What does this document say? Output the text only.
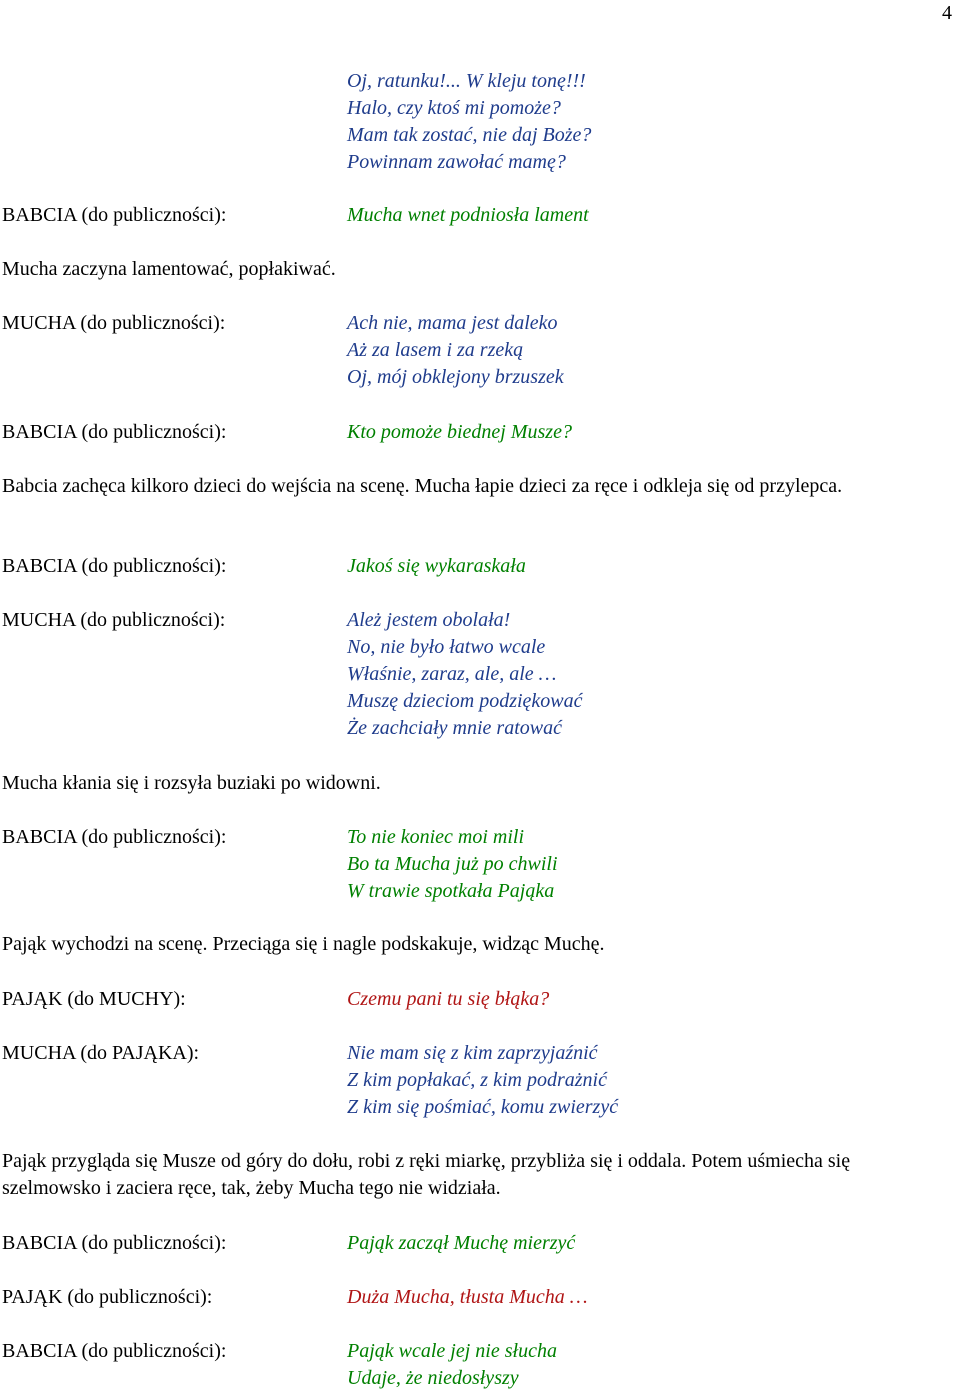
4
Oj, ratunku!... W kleju tonę!!!
Halo, czy ktoś mi pomoże?
Mam tak zostać, nie daj Boże?
Powinnam zawołać mamę?
BABCIA (do publiczności):	Mucha wnet podniosła lament
Mucha zaczyna lamentować, popłakiwać.
MUCHA (do publiczności):	Ach nie, mama jest daleko
Aż za lasem i za rzeką
Oj, mój obklejony brzuszek
BABCIA (do publiczności):	Kto pomoże biednej Musze?
Babcia zachęca kilkoro dzieci do wejścia na scenę. Mucha łapie dzieci za ręce i odkleja się od przylepca.
BABCIA (do publiczności):	Jakoś się wykaraskała
MUCHA (do publiczności):	Ależ jestem obolała!
No, nie było łatwo wcale
Właśnie, zaraz, ale, ale …
Muszę dzieciom podziękować
Że zachciały mnie ratować
Mucha kłania się i rozsyła buziaki po widowni.
BABCIA (do publiczności):	To nie koniec moi mili
Bo ta Mucha już po chwili
W trawie spotkała Pająka
Pająk wychodzi na scenę. Przeciąga się i nagle podskakuje, widząc Muchę.
PAJĄK (do MUCHY):	Czemu pani tu się błąka?
MUCHA (do PAJĄKA):	Nie mam się z kim zaprzyjaźnić
Z kim popłakać, z kim podrażnić
Z kim się pośmiać, komu zwierzyć
Pająk przygląda się Musze od góry do dołu, robi z ręki miarkę, przybliża się i oddala. Potem uśmiecha się szelmowsko i zaciera ręce, tak, żeby Mucha tego nie widziała.
BABCIA (do publiczności):	Pająk zaczął Muchę mierzyć
PAJĄK (do publiczności):	Duża Mucha, tłusta Mucha …
BABCIA (do publiczności):	Pająk wcale jej nie słucha
Udaje, że niedosłyszy
